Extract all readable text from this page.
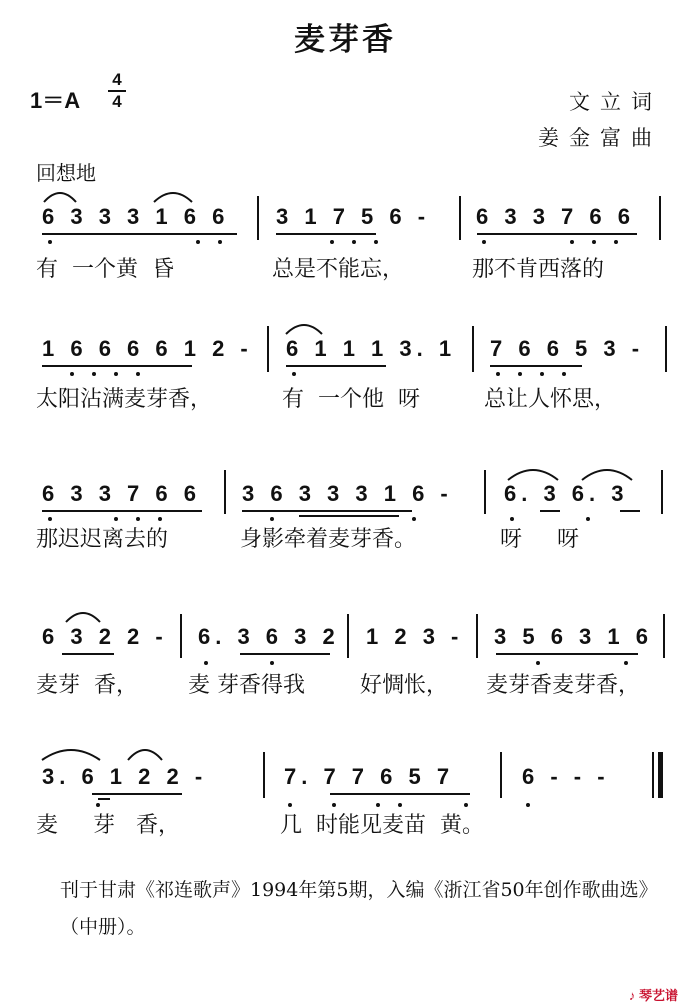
麦芽香
1＝A
4
4	文立词
姜金富曲
回想地

6 3 3 3 1 6 6

3 1 7 5 6 -

6 3 3 7 6 6

有  一个黄  昏

	总是不能忘，

	那不肯西落的

1 6 6 6 6 1 2 -

6 1 1 1 3. 1

7 6 6 5 3 -

太阳沾满麦芽香，

	有  一个他  呀

	总让人怀思，

6 3 3 7 6 6

3 6 3 3 3 1 6 -

6. 3 6. 3

那迟迟离去的

	身影牵着麦芽香。

	呀     呀

6 3 2 2 -

6. 3 6 3 2

1 2 3 -

3 5 6 3 1 6

麦芽  香，

麦 芽香得我

	好惆怅，

麦芽香麦芽香，

3. 6 1 2 2 -

	7. 7 7 6 5 7

	6 - - -

麦     芽   香，

	几  时能见麦苗  黄。

刊于甘肃《祁连歌声》1994年第5期，入编《浙江省50年创作歌曲选》（中册）。
♪ 琴艺谱
